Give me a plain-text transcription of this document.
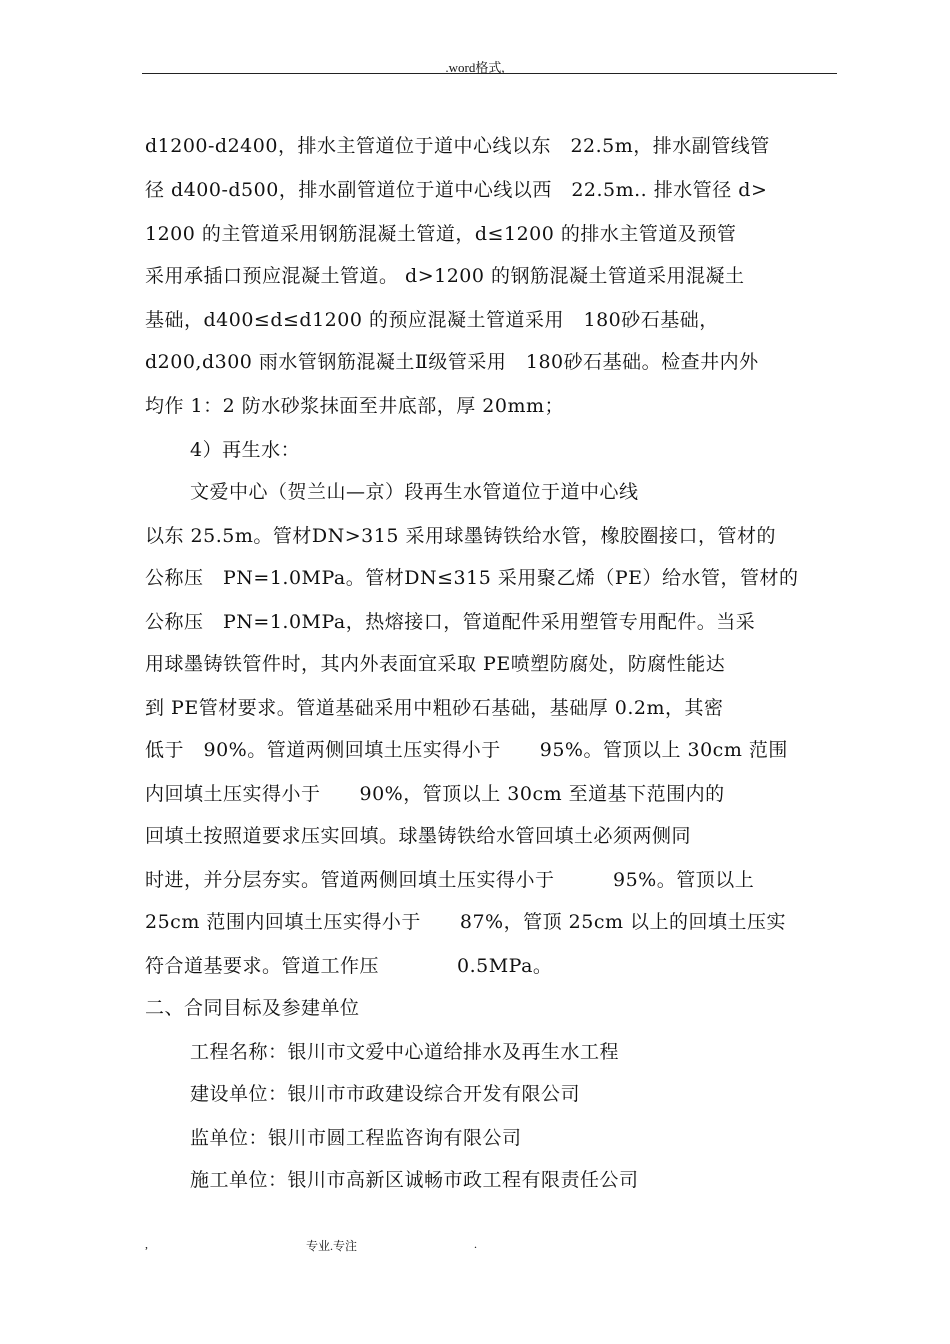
.word格式,
d1200-d2400，排水主管道位于道中心线以东　22.5m，排水副管线管
径 d400-d500，排水副管道位于道中心线以西　22.5m.. 排水管径 d>
1200 的主管道采用钢筋混凝土管道，d≤1200 的排水主管道及预管
采用承插口预应混凝土管道。 d>1200 的钢筋混凝土管道采用混凝土
基础，d400≤d≤d1200 的预应混凝土管道采用　180砂石基础，
d200,d300 雨水管钢筋混凝土Ⅱ级管采用　180砂石基础。检查井内外
均作 1：2 防水砂浆抹面至井底部，厚 20mm；
4）再生水：
文爱中心（贺兰山—京）段再生水管道位于道中心线
以东 25.5m。管材DN>315 采用球墨铸铁给水管，橡胶圈接口，管材的
公称压　PN=1.0MPa。管材DN≤315 采用聚乙烯（PE）给水管，管材的
公称压　PN=1.0MPa，热熔接口，管道配件采用塑管专用配件。当采
用球墨铸铁管件时，其内外表面宜采取 PE喷塑防腐处，防腐性能达
到 PE管材要求。管道基础采用中粗砂石基础，基础厚 0.2m，其密
低于　90%。管道两侧回填土压实得小于　　95%。管顶以上 30cm 范围
内回填土压实得小于　　90%，管顶以上 30cm 至道基下范围内的
回填土按照道要求压实回填。球墨铸铁给水管回填土必须两侧同
时进，并分层夯实。管道两侧回填土压实得小于　　　95%。管顶以上
25cm 范围内回填土压实得小于　　87%，管顶 25cm 以上的回填土压实
符合道基要求。管道工作压　　　　0.5MPa。
二、合同目标及参建单位
工程名称：银川市文爱中心道给排水及再生水工程
建设单位：银川市市政建设综合开发有限公司
监单位：银川市圆工程监咨询有限公司
施工单位：银川市高新区诚畅市政工程有限责任公司
,	专业.专注	.
